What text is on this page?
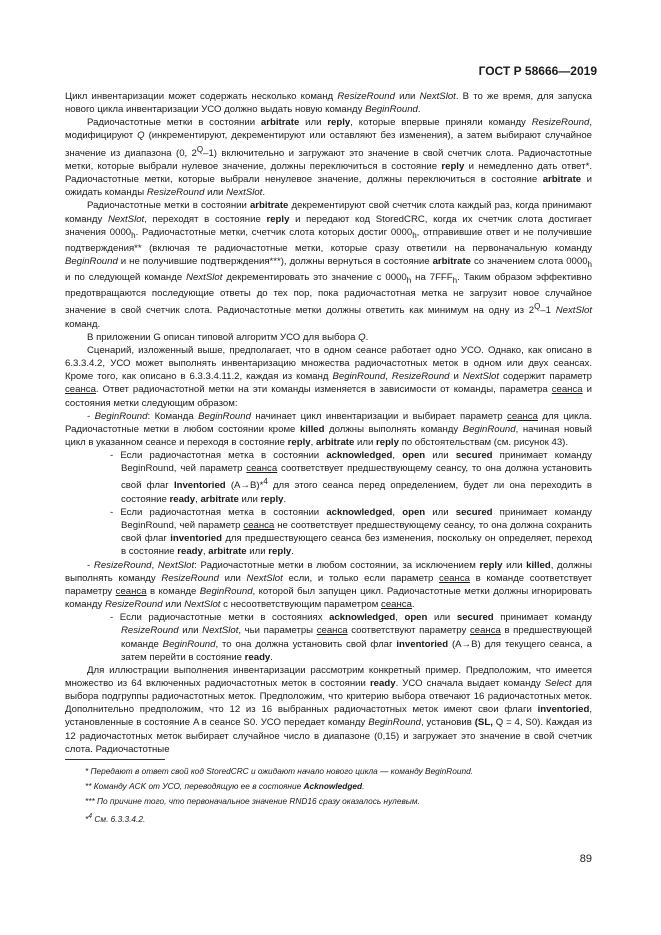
ГОСТ Р 58666—2019

Цикл инвентаризации может содержать несколько команд ResizeRound или NextSlot. В то же время, для запуска нового цикла инвентаризации УСО должно выдать новую команду BeginRound.

Радиочастотные метки в состоянии arbitrate или reply, которые впервые приняли команду ResizeRound, модифицируют Q (инкрементируют, декрементируют или оставляют без изменения), а затем выбирают случайное значение из диапазона (0, $2^Q-1$) включительно и загружают это значение в свой счетчик слота. Радиочастотные метки, которые выбрали нулевое значение, должны переключиться в состояние reply и немедленно дать ответ*. Радиочастотные метки, которые выбрали ненулевое значение, должны переключиться в состояние arbitrate и ожидать команды ResizeRound или NextSlot.

Радиочастотные метки в состоянии arbitrate декрементируют свой счетчик слота каждый раз, когда принимают команду NextSlot, переходят в состояние reply и передают код StoredCRC, когда их счетчик слота достигает значения $0000_h$. Радиочастотные метки, счетчик слота которых достиг $0000_h$, отправившие ответ и не получившие подтверждения** (включая те радиочастотные метки, которые сразу ответили на первоначальную команду BeginRound и не получившие подтверждения***), должны вернуться в состояние arbitrate со значением слота $0000_h$ и по следующей команде NextSlot декрементировать это значение с $0000_h$ на $7FFF_h$. Таким образом эффективно предотвращаются последующие ответы до тех пор, пока радиочастотная метка не загрузит новое случайное значение в свой счетчик слота. Радиочастотные метки должны ответить как минимум на одну из $2^Q-1$ NextSlot команд.

В приложении G описан типовой алгоритм УСО для выбора Q.

Сценарий, изложенный выше, предполагает, что в одном сеансе работает одно УСО. Однако, как описано в 6.3.3.4.2, УСО может выполнять инвентаризацию множества радиочастотных меток в одном или двух сеансах. Кроме того, как описано в 6.3.3.4.11.2, каждая из команд BeginRound, ResizeRound и NextSlot содержит параметр сеанса. Ответ радиочастотной метки на эти команды изменяется в зависимости от команды, параметра сеанса и состояния метки следующим образом:

- BeginRound: Команда BeginRound начинает цикл инвентаризации и выбирает параметр сеанса для цикла. Радиочастотные метки в любом состоянии кроме killed должны выполнять команду BeginRound, начиная новый цикл в указанном сеансе и переходя в состояние reply, arbitrate или reply по обстоятельствам (см. рисунок 43).

- Если радиочастотная метка в состоянии acknowledged, open или secured принимает команду BeginRound, чей параметр сеанса соответствует предшествующему сеансу, то она должна установить свой флаг Inventoried (A→B)*$^4$ для этого сеанса перед определением, будет ли она переходить в состояние ready, arbitrate или reply.

- Если радиочастотная метка в состоянии acknowledged, open или secured принимает команду BeginRound, чей параметр сеанса не соответствует предшествующему сеансу, то она должна сохранить свой флаг inventoried для предшествующего сеанса без изменения, поскольку он определяет, переход в состояние ready, arbitrate или reply.

- ResizeRound, NextSlot: Радиочастотные метки в любом состоянии, за исключением reply или killed, должны выполнять команду ResizeRound или NextSlot если, и только если параметр сеанса в команде соответствует параметру сеанса в команде BeginRound, которой был запущен цикл. Радиочастотные метки должны игнорировать команду ResizeRound или NextSlot с несоответствующим параметром сеанса.

- Если радиочастотные метки в состояниях acknowledged, open или secured принимает команду ResizeRound или NextSlot, чьи параметры сеанса соответствуют параметру сеанса в предшествующей команде BeginRound, то она должна установить свой флаг inventoried (A→B) для текущего сеанса, а затем перейти в состояние ready.

Для иллюстрации выполнения инвентаризации рассмотрим конкретный пример. Предположим, что имеется множество из 64 включенных радиочастотных меток в состоянии ready. УСО сначала выдает команду Select для выбора подгруппы радиочастотных меток. Предположим, что критерию выбора отвечают 16 радиочастотных меток. Дополнительно предположим, что 12 из 16 выбранных радиочастотных меток имеют свои флаги inventoried, установленные в состояние A в сеансе S0. УСО передает команду BeginRound, установив (SL, Q = 4, S0). Каждая из 12 радиочастотных меток выбирает случайное число в диапазоне (0,15) и загружает это значение в свой счетчик слота. Радиочастотные

* Передают в ответ свой код StoredCRC и ожидают начало нового цикла — команду BeginRound.

** Команду ACK от УСО, переводящую ее в состояние Acknowledged.

*** По причине того, что первоначальное значение RND16 сразу оказалось нулевым.

*$^4$ См. 6.3.3.4.2.

89
